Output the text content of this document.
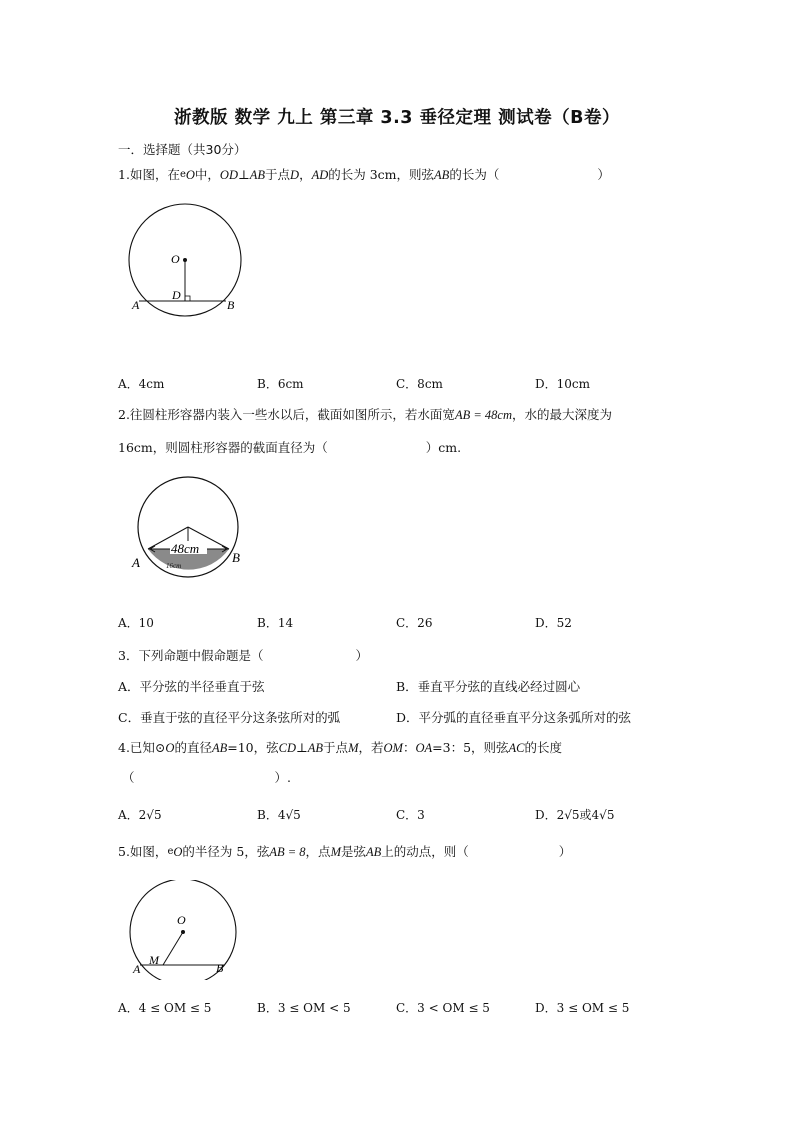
浙教版 数学 九上 第三章 3.3 垂径定理 测试卷（B卷）
一．选择题（共30分）
1.如图，在eO中，OD⊥AB于点D，AD的长为 3cm，则弦AB的长为（	）
O
D
A	B
A．4cm	B．6cm	C．8cm	D．10cm
2.往圆柱形容器内装入一些水以后，截面如图所示，若水面宽AB = 48cm，水的最大深度为
16cm，则圆柱形容器的截面直径为（	）cm.
48cm
16cm
A	B
A．10	B．14	C．26	D．52
3．下列命题中假命题是（	）
A．平分弦的半径垂直于弦	B．垂直平分弦的直线必经过圆心
C．垂直于弦的直径平分这条弦所对的弧	D．平分弧的直径垂直平分这条弧所对的弦
4.已知⊙O的直径AB=10，弦CD⊥AB于点M，若OM：OA=3：5，则弦AC的长度
（	）.
A．2√5	B．4√5	C．3	D．2√5或4√5
5.如图，eO的半径为 5，弦AB = 8，点M是弦AB上的动点，则（	）
O
M
A	B
A．4 ≤ OM ≤ 5	B．3 ≤ OM < 5	C．3 < OM ≤ 5	D．3 ≤ OM ≤ 5
